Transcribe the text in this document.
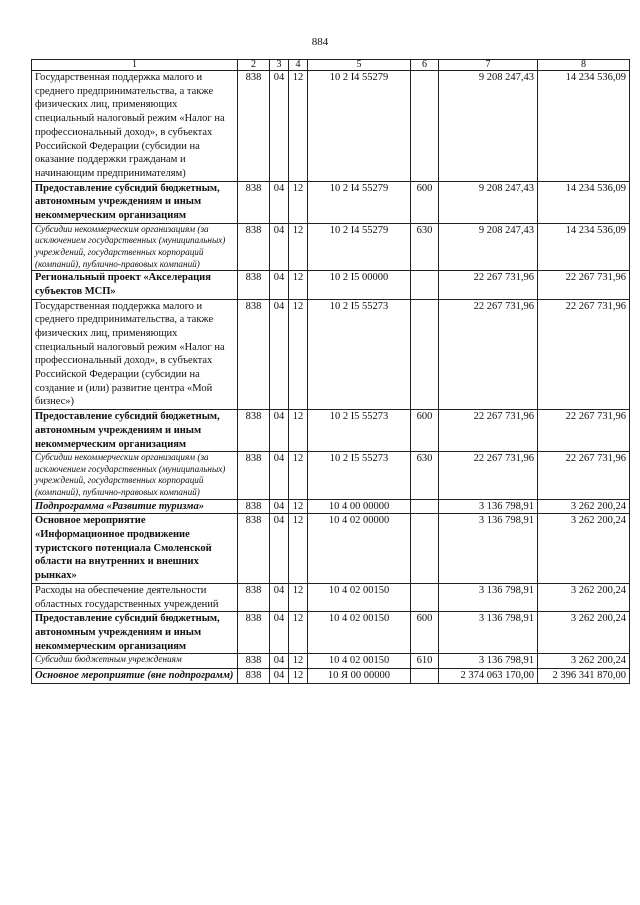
884
1	2	3	4	5	6	7	8
Государственная поддержка малого и среднего предпринимательства, а также физических лиц, применяющих специальный налоговый режим «Налог на профессиональный доход», в субъектах Российской Федерации (субсидии на оказание поддержки гражданам и начинающим предпринимателям)	838	04	12	10 2 I4 55279		9 208 247,43	14 234 536,09
Предоставление субсидий бюджетным, автономным учреждениям и иным некоммерческим организациям	838	04	12	10 2 I4 55279	600	9 208 247,43	14 234 536,09
Субсидии некоммерческим организациям (за исключением государственных (муниципальных) учреждений, государственных корпораций (компаний), публично-правовых компаний)	838	04	12	10 2 I4 55279	630	9 208 247,43	14 234 536,09
Региональный проект «Акселерация субъектов МСП»	838	04	12	10 2 I5 00000		22 267 731,96	22 267 731,96
Государственная поддержка малого и среднего предпринимательства, а также физических лиц, применяющих специальный налоговый режим «Налог на профессиональный доход», в субъектах Российской Федерации (субсидии на создание и (или) развитие центра «Мой бизнес»)	838	04	12	10 2 I5 55273		22 267 731,96	22 267 731,96
Предоставление субсидий бюджетным, автономным учреждениям и иным некоммерческим организациям	838	04	12	10 2 I5 55273	600	22 267 731,96	22 267 731,96
Субсидии некоммерческим организациям (за исключением государственных (муниципальных) учреждений, государственных корпораций (компаний), публично-правовых компаний)	838	04	12	10 2 I5 55273	630	22 267 731,96	22 267 731,96
Подпрограмма «Развитие туризма»	838	04	12	10 4 00 00000		3 136 798,91	3 262 200,24
Основное мероприятие «Информационное продвижение туристского потенциала Смоленской области на внутренних и внешних рынках»	838	04	12	10 4 02 00000		3 136 798,91	3 262 200,24
Расходы на обеспечение деятельности областных государственных учреждений	838	04	12	10 4 02 00150		3 136 798,91	3 262 200,24
Предоставление субсидий бюджетным, автономным учреждениям и иным некоммерческим организациям	838	04	12	10 4 02 00150	600	3 136 798,91	3 262 200,24
Субсидии бюджетным учреждениям	838	04	12	10 4 02 00150	610	3 136 798,91	3 262 200,24
Основное мероприятие (вне подпрограмм)	838	04	12	10 Я 00 00000		2 374 063 170,00	2 396 341 870,00
